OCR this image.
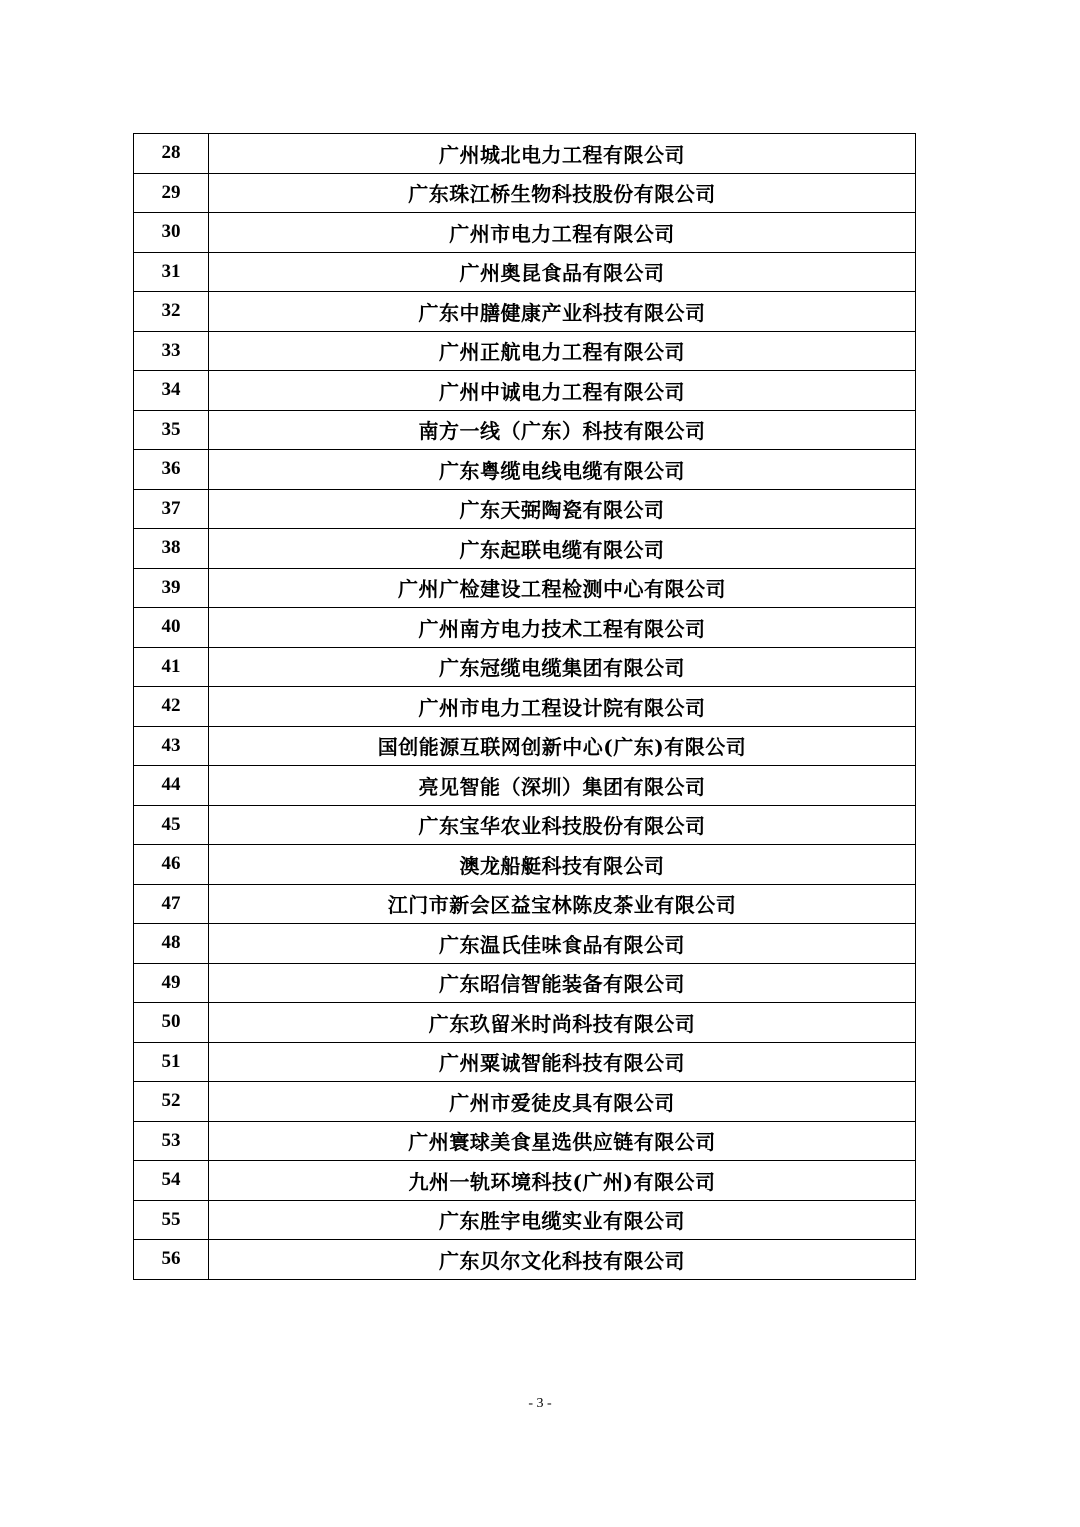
28	广州城北电力工程有限公司
29	广东珠江桥生物科技股份有限公司
30	广州市电力工程有限公司
31	广州奥昆食品有限公司
32	广东中膳健康产业科技有限公司
33	广州正航电力工程有限公司
34	广州中诚电力工程有限公司
35	南方一线（广东）科技有限公司
36	广东粤缆电线电缆有限公司
37	广东天弼陶瓷有限公司
38	广东起联电缆有限公司
39	广州广检建设工程检测中心有限公司
40	广州南方电力技术工程有限公司
41	广东冠缆电缆集团有限公司
42	广州市电力工程设计院有限公司
43	国创能源互联网创新中心(广东)有限公司
44	亮见智能（深圳）集团有限公司
45	广东宝华农业科技股份有限公司
46	澳龙船艇科技有限公司
47	江门市新会区益宝林陈皮茶业有限公司
48	广东温氏佳味食品有限公司
49	广东昭信智能装备有限公司
50	广东玖留米时尚科技有限公司
51	广州粟诚智能科技有限公司
52	广州市爱徒皮具有限公司
53	广州寰球美食星选供应链有限公司
54	九州一轨环境科技(广州)有限公司
55	广东胜宇电缆实业有限公司
56	广东贝尔文化科技有限公司
- 3 -
